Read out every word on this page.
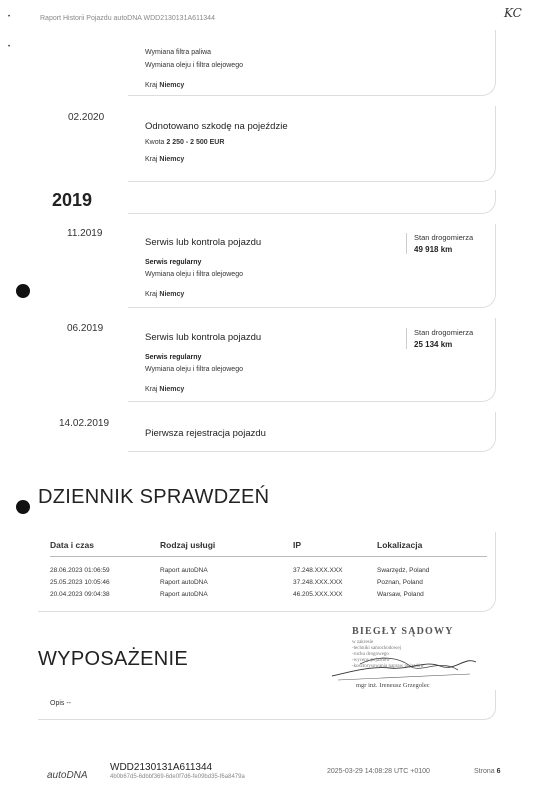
Raport Historii Pojazdu autoDNA WDD2130131A611344	KC
•
•
Wymiana filtra paliwa
Wymiana oleju i filtra olejowego
Kraj Niemcy
02.2020
Odnotowano szkodę na pojeździe
Kwota 2 250 - 2 500 EUR
Kraj Niemcy
2019
11.2019
Serwis lub kontrola pojazdu
Serwis regularny
Wymiana oleju i filtra olejowego
Kraj Niemcy
Stan drogomierza
49 918 km
06.2019
Serwis lub kontrola pojazdu
Serwis regularny
Wymiana oleju i filtra olejowego
Kraj Niemcy
Stan drogomierza
25 134 km
14.02.2019
Pierwsza rejestracja pojazdu
DZIENNIK SPRAWDZEŃ
Data i czas	Rodzaj usługi	IP	Lokalizacja
28.06.2023 01:06:59	Raport autoDNA	37.248.XXX.XXX	Swarzędz, Poland
25.05.2023 10:05:46	Raport autoDNA	37.248.XXX.XXX	Poznan, Poland
20.04.2023 09:04:38	Raport autoDNA	46.205.XXX.XXX	Warsaw, Poland
BIEGŁY SĄDOWY
w zakresie
-techniki samochodowej
-ruchu drogowego
-wyceny pojazdów
-kosztorysowania napraw pojazdów
mgr inż. Ireneusz Grzegolec
WYPOSAŻENIE
Opis --
autoDNA
WDD2130131A611344
4b0b67d5-6dbbf369-6de0f7d6-fe09bd35-f6a8479a
2025-03-29 14:08:28 UTC +0100	Strona 6
